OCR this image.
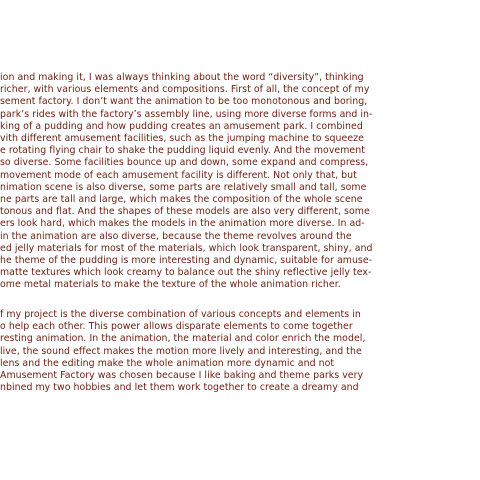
ion and making it, I was always thinking about the word “diversity”, thinking
richer, with various elements and compositions. First of all, the concept of my
sement factory. I don’t want the animation to be too monotonous and boring,
park’s rides with the factory’s assembly line, using more diverse forms and in-
king of a pudding and how pudding creates an amusement park. I combined
vith different amusement facilities, such as the jumping machine to squeeze
e rotating flying chair to shake the pudding liquid evenly. And the movement
so diverse. Some facilities bounce up and down, some expand and compress,
movement mode of each amusement facility is different. Not only that, but
nimation scene is also diverse, some parts are relatively small and tall, some
ne parts are tall and large, which makes the composition of the whole scene
tonous and flat. And the shapes of these models are also very different, some
ers look hard, which makes the models in the animation more diverse. In ad-
in the animation are also diverse, because the theme revolves around the
ed jelly materials for most of the materials, which look transparent, shiny, and
he theme of the pudding is more interesting and dynamic, suitable for amuse-
matte textures which look creamy to balance out the shiny reflective jelly tex-
ome metal materials to make the texture of the whole animation richer.
f my project is the diverse combination of various concepts and elements in
o help each other. This power allows disparate elements to come together
resting animation. In the animation, the material and color enrich the model,
live, the sound effect makes the motion more lively and interesting, and the
lens and the editing make the whole animation more dynamic and not
Amusement Factory was chosen because I like baking and theme parks very
nbined my two hobbies and let them work together to create a dreamy and
